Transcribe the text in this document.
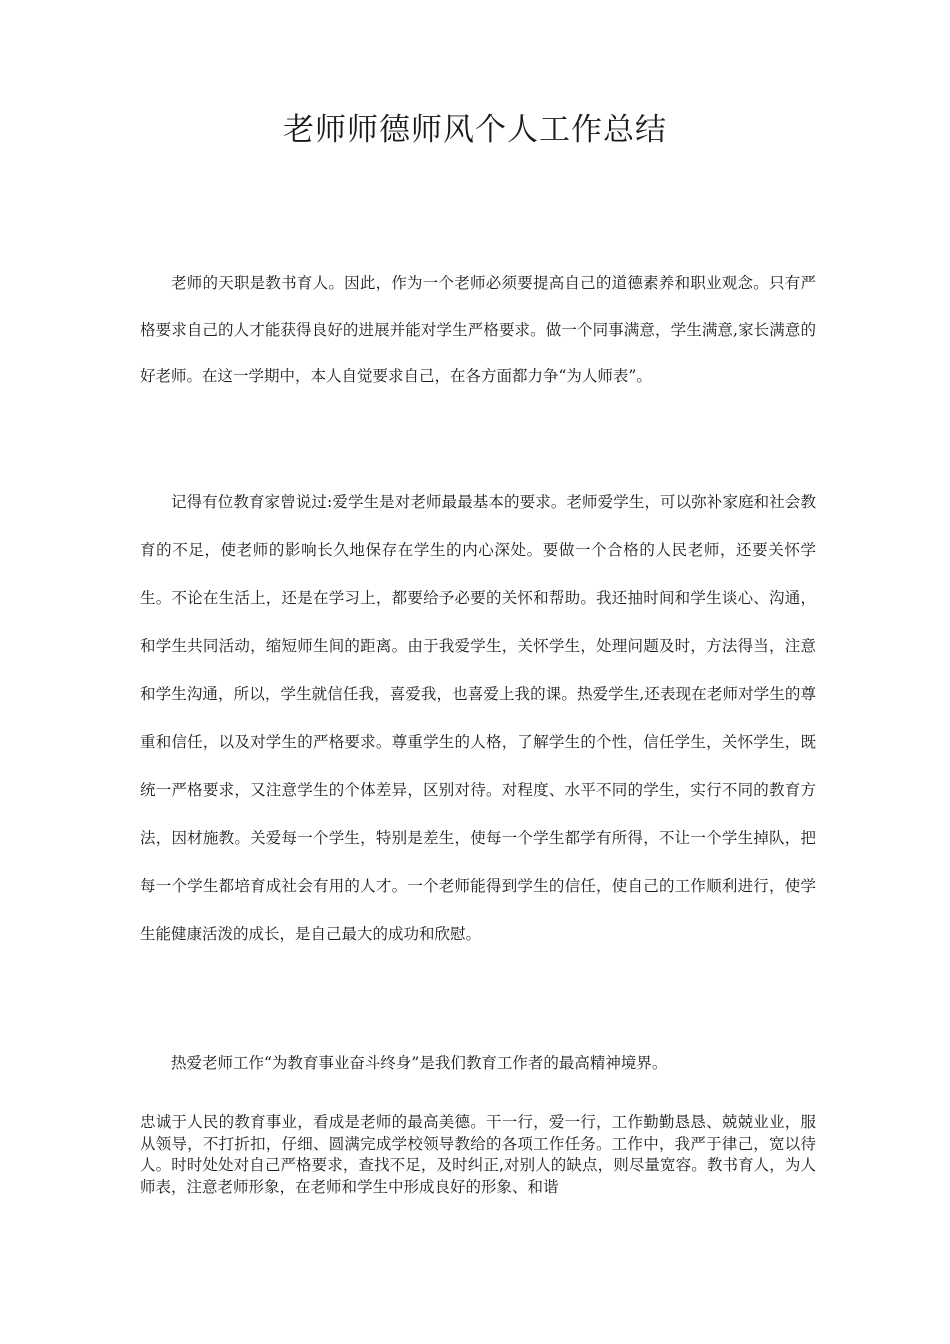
老师师德师风个人工作总结

老师的天职是教书育人。因此，作为一个老师必须要提高自己的道德素养和职业观念。只有严格要求自己的人才能获得良好的进展并能对学生严格要求。做一个同事满意，学生满意,家长满意的好老师。在这一学期中，本人自觉要求自己，在各方面都力争“为人师表”。

记得有位教育家曾说过:爱学生是对老师最最基本的要求。老师爱学生，可以弥补家庭和社会教育的不足，使老师的影响长久地保存在学生的内心深处。要做一个合格的人民老师，还要关怀学生。不论在生活上，还是在学习上，都要给予必要的关怀和帮助。我还抽时间和学生谈心、沟通，和学生共同活动，缩短师生间的距离。由于我爱学生，关怀学生，处理问题及时，方法得当，注意和学生沟通，所以，学生就信任我，喜爱我，也喜爱上我的课。热爱学生,还表现在老师对学生的尊重和信任，以及对学生的严格要求。尊重学生的人格，了解学生的个性，信任学生，关怀学生，既统一严格要求，又注意学生的个体差异，区别对待。对程度、水平不同的学生，实行不同的教育方法，因材施教。关爱每一个学生，特别是差生，使每一个学生都学有所得，不让一个学生掉队，把每一个学生都培育成社会有用的人才。一个老师能得到学生的信任，使自己的工作顺利进行，使学生能健康活泼的成长，是自己最大的成功和欣慰。

热爱老师工作“为教育事业奋斗终身”是我们教育工作者的最高精神境界。

忠诚于人民的教育事业，看成是老师的最高美德。干一行，爱一行，工作勤勤恳恳、兢兢业业，服从领导，不打折扣，仔细、圆满完成学校领导教给的各项工作任务。工作中，我严于律己，宽以待人。时时处处对自己严格要求，查找不足，及时纠正,对别人的缺点，则尽量宽容。教书育人，为人师表，注意老师形象，在老师和学生中形成良好的形象、和谐
